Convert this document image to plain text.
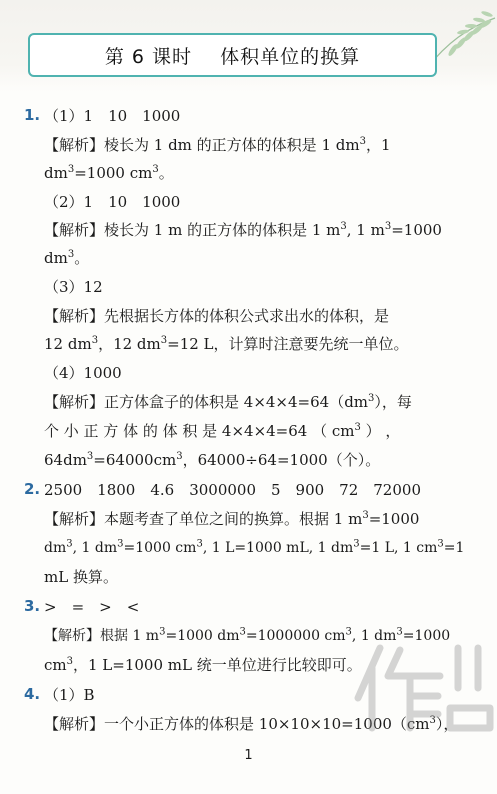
第 6 课时    体积单位的换算
1. （1）1　10　1000
【解析】棱长为 1 dm 的正方体的体积是 1 $dm^3$，1
$dm^3=1000$ $cm^3$。
（2）1　10　1000
【解析】棱长为 1 m 的正方体的体积是 1 $m^3$, 1 $m^3=1000$
$dm^3$。
（3）12
【解析】先根据长方体的体积公式求出水的体积，是
12 $dm^3$，12 $dm^3=12$ L，计算时注意要先统一单位。
（4）1000
【解析】正方体盒子的体积是 $4\times 4\times 4=64(dm^3)$，每
个 小 正 方 体 的 体 积 是 4×4×4=64 （ $cm^3$ ） ，
$64dm^3=64000cm^3$，64000÷64=1000（个）。
2. 2500　1800　4.6　3000000　5　900　72　72000
【解析】本题考查了单位之间的换算。根据 1 $m^3=1000$
$dm^3$, 1 $dm^3=1000$ $cm^3$, 1 L=1000 mL, 1 $dm^3=1$ L, 1 $cm^3=1$
mL 换算。
3. >　=　>　<
【解析】根据 1 $m^3=1000$ $dm^3=1000000$ $cm^3$, 1 $dm^3=1000$
$cm^3$，1 L=1000 mL 统一单位进行比较即可。
4. （1）B
【解析】一个小正方体的体积是 $10\times 10\times 10=1000(cm^3)$，
1
